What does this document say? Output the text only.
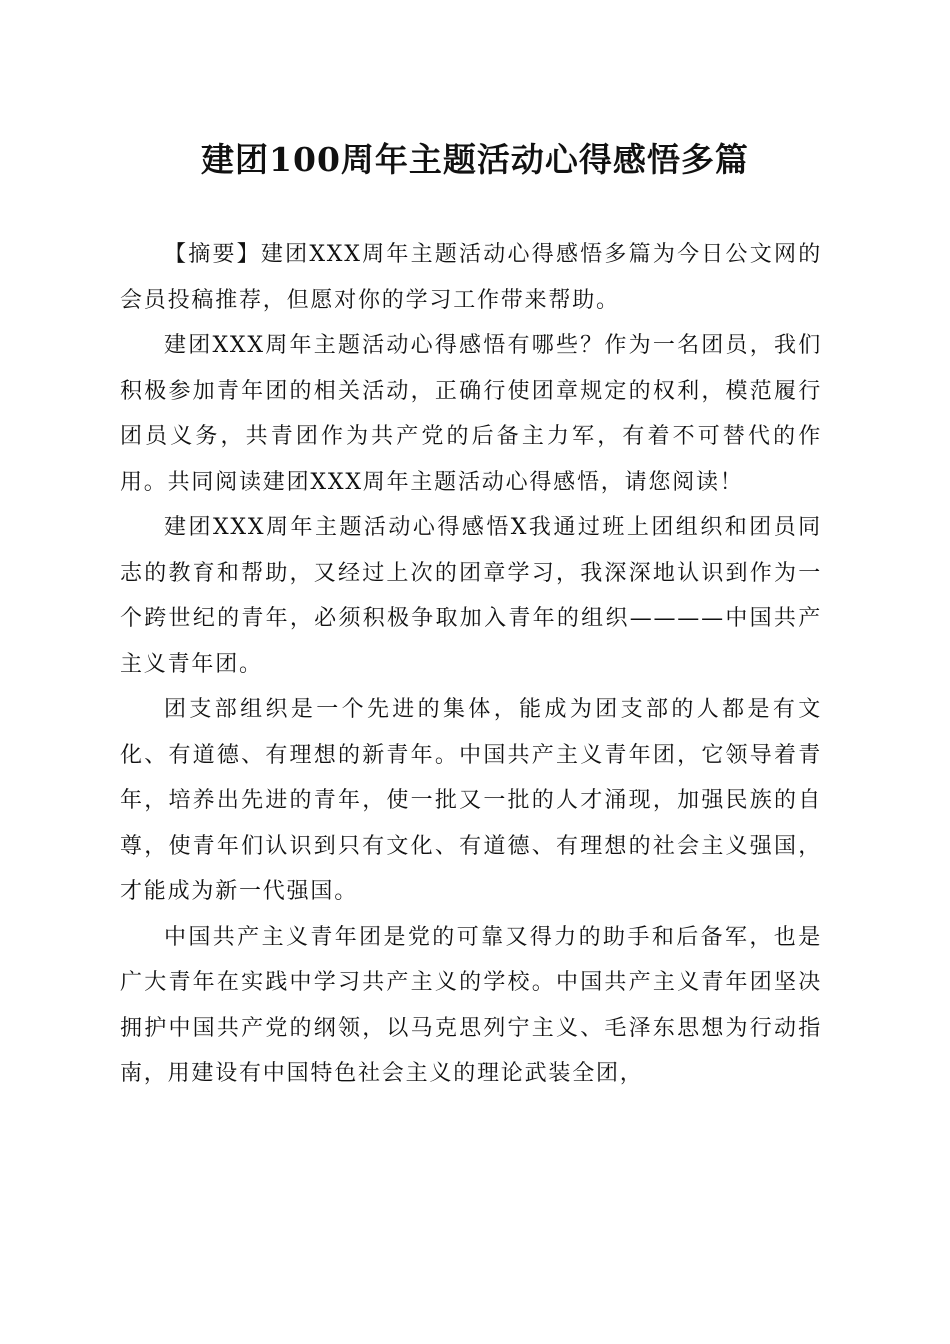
建团100周年主题活动心得感悟多篇

【摘要】建团XXX周年主题活动心得感悟多篇为今日公文网的会员投稿推荐，但愿对你的学习工作带来帮助。

建团XXX周年主题活动心得感悟有哪些？作为一名团员，我们积极参加青年团的相关活动，正确行使团章规定的权利，模范履行团员义务，共青团作为共产党的后备主力军，有着不可替代的作用。共同阅读建团XXX周年主题活动心得感悟，请您阅读！

建团XXX周年主题活动心得感悟X我通过班上团组织和团员同志的教育和帮助，又经过上次的团章学习，我深深地认识到作为一个跨世纪的青年，必须积极争取加入青年的组织————中国共产主义青年团。

团支部组织是一个先进的集体，能成为团支部的人都是有文化、有道德、有理想的新青年。中国共产主义青年团，它领导着青年，培养出先进的青年，使一批又一批的人才涌现，加强民族的自尊，使青年们认识到只有文化、有道德、有理想的社会主义强国，才能成为新一代强国。

中国共产主义青年团是党的可靠又得力的助手和后备军，也是广大青年在实践中学习共产主义的学校。中国共产主义青年团坚决拥护中国共产党的纲领，以马克思列宁主义、毛泽东思想为行动指南，用建设有中国特色社会主义的理论武装全团，
